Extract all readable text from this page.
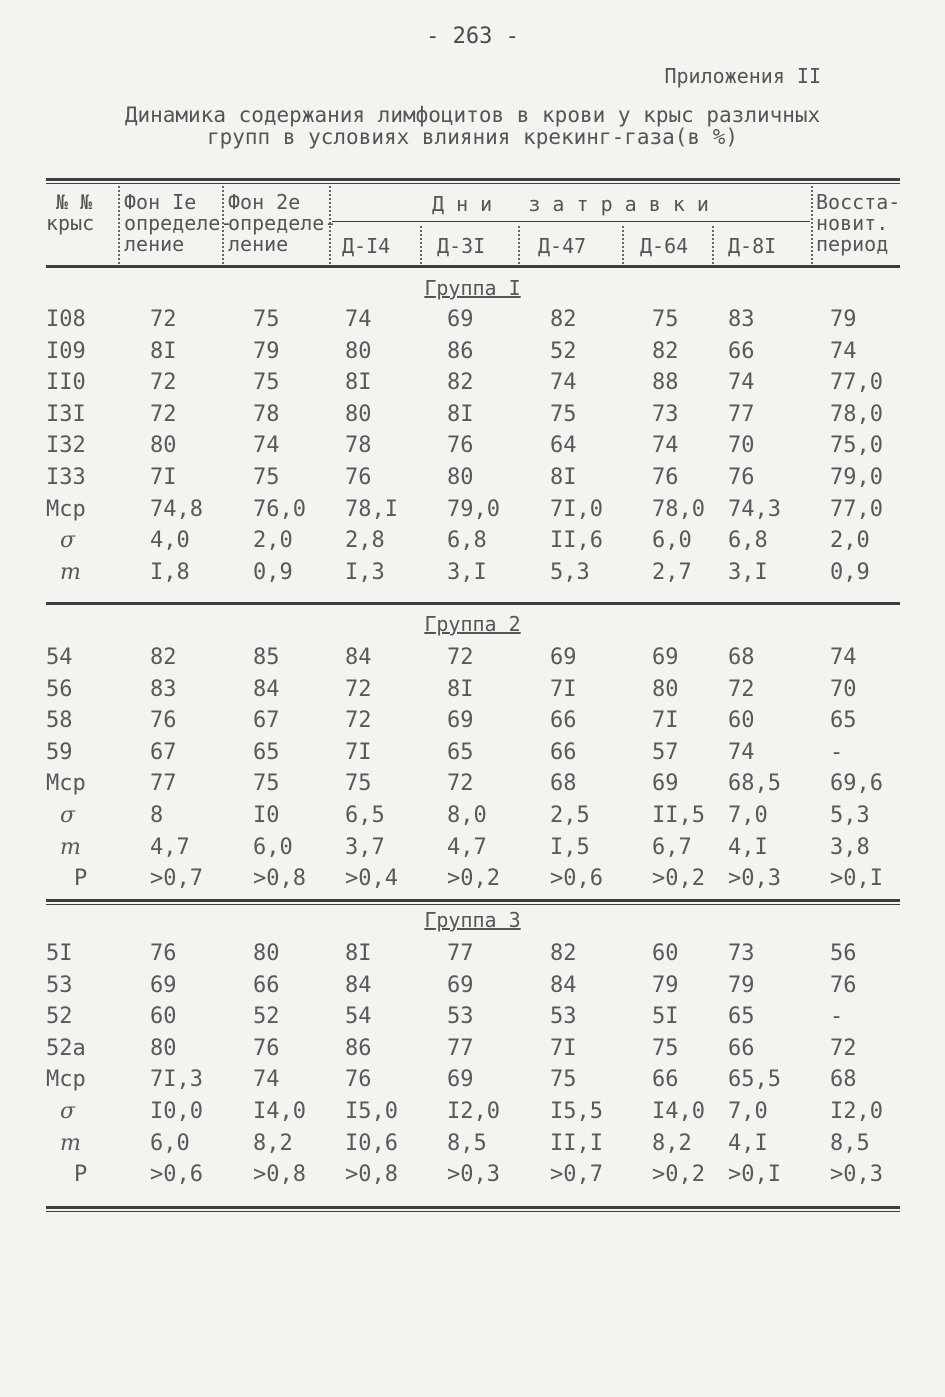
- 263 -
Приложения II
Динамика содержания лимфоцитов в крови у крыс различных
групп в условиях влияния крекинг-газа(в %)
№ №
крыс
Фон Iе
определе-
ление
Фон 2е
определе-
ление
Д н и   з а т р а в к и
Д-I4 Д-3I	Д-47	Д-64 Д-8I
Восста-
новит.
период
Группа I
I08	72	75	74	69	82	75 83	79
I09	8I	79	80	86	52	82 66	74
II0	72	75	8I	82	74	88 74	77,0
I3I	72	78	80	8I	75	73 77	78,0
I32	80	74	78	76	64	74 70	75,0
I33	7I	75	76	80	8I	76 76	79,0
Мср	74,8 76,0 78,I 79,0 7I,0 78,0 74,3 77,0
σ	4,0	2,0 2,8	6,8	II,6 6,0 6,8	2,0
m	I,8	0,9 I,3	3,I	5,3	2,7 3,I	0,9
Группа 2
54	82	85	84	72	69	69 68	74
56	83	84	72	8I	7I	80 72	70
58	76	67	72	69	66	7I 60	65
59	67	65	7I	65	66	57 74	-
Мср	77	75	75	72	68	69 68,5 69,6
σ	8	I0	6,5	8,0	2,5	II,5 7,0	5,3
m	4,7	6,0 3,7	4,7	I,5	6,7 4,I	3,8
P	>0,7 >0,8 >0,4 >0,2 >0,6 >0,2 >0,3 >0,I
Группа 3
5I	76	80	8I	77	82	60 73	56
53	69	66	84	69	84	79 79	76
52	60	52	54	53	53	5I 65	-
52а	80	76	86	77	7I	75 66	72
Мср	7I,3 74	76	69	75	66 65,5 68
σ	I0,0 I4,0 I5,0 I2,0 I5,5 I4,0 7,0	I2,0
m	6,0	8,2 I0,6 8,5	II,I 8,2 4,I	8,5
P	>0,6 >0,8 >0,8 >0,3 >0,7 >0,2 >0,I >0,3
